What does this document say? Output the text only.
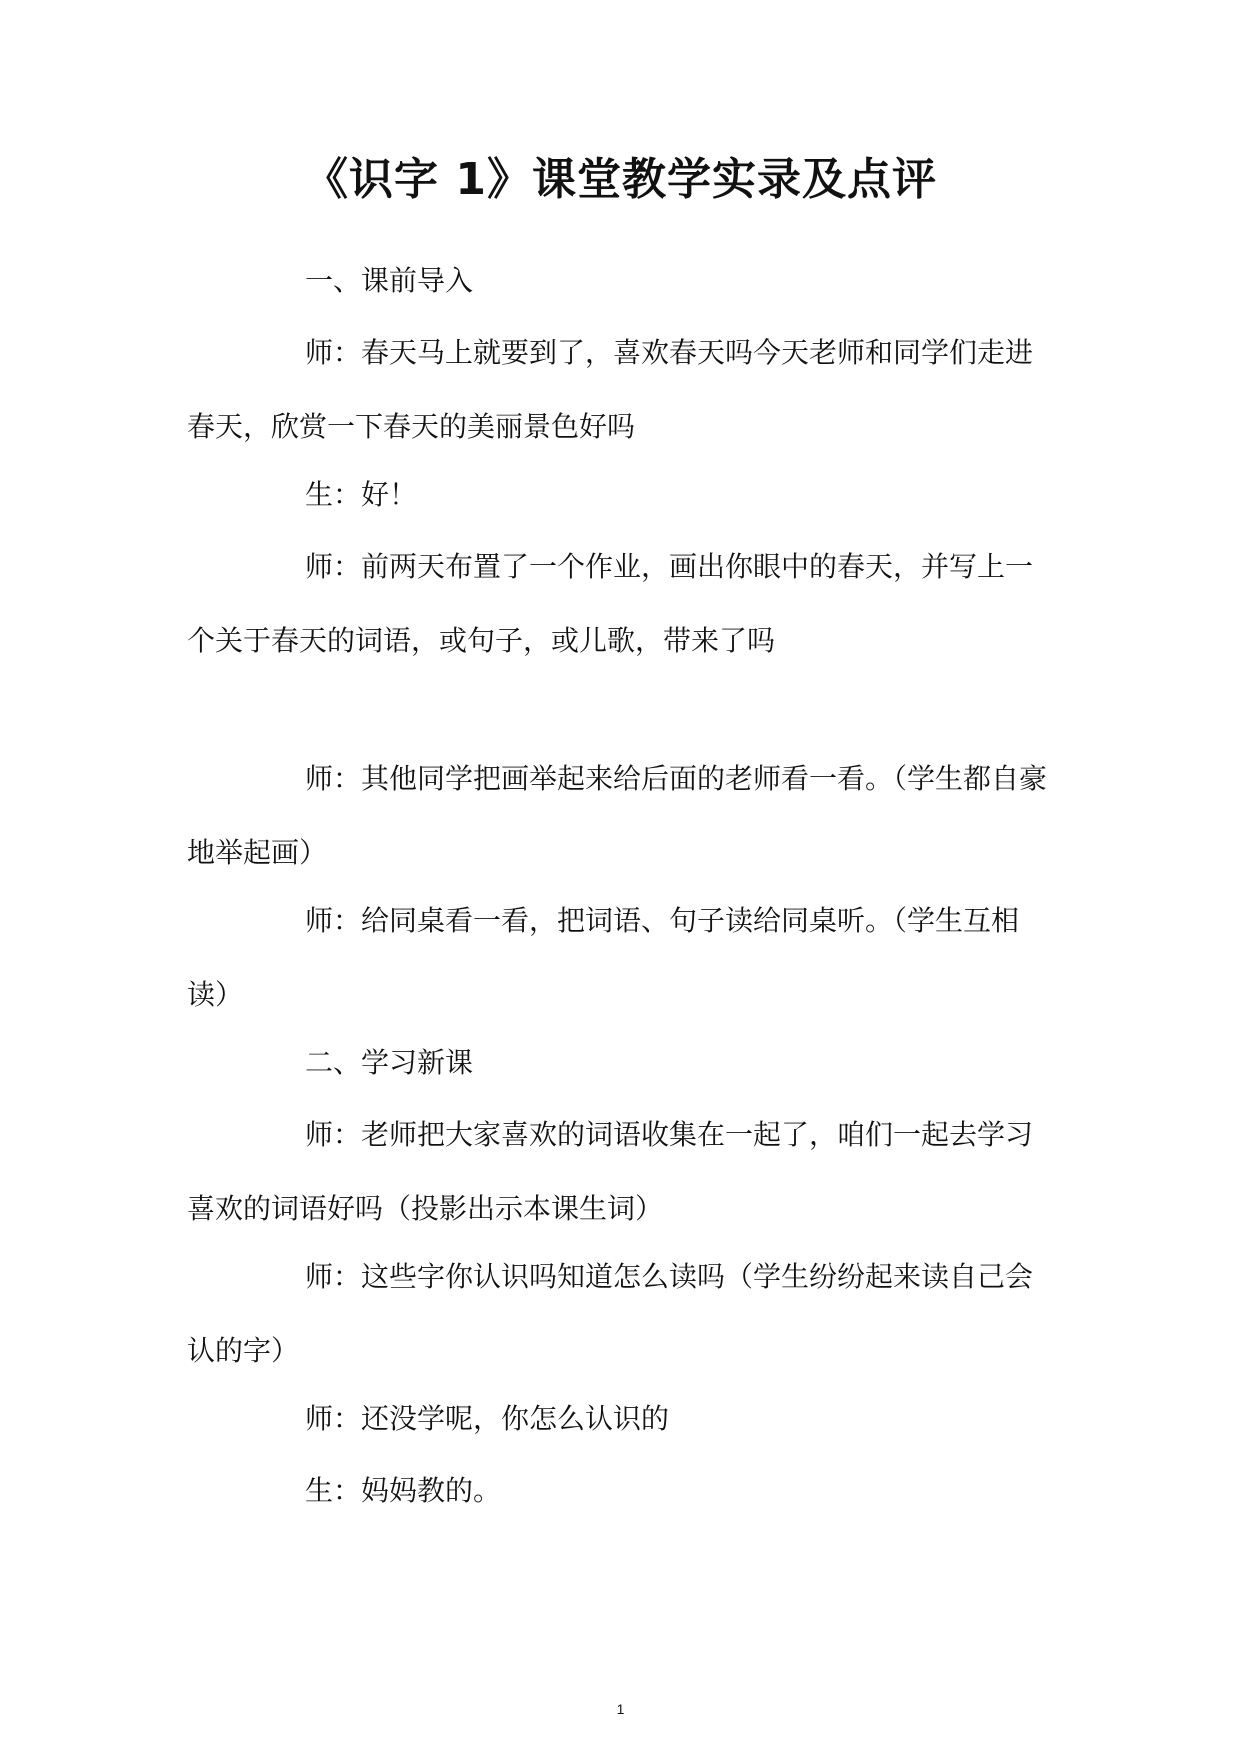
《识字 1》课堂教学实录及点评

一、课前导入

师：春天马上就要到了，喜欢春天吗今天老师和同学们走进春天，欣赏一下春天的美丽景色好吗

生：好！

师：前两天布置了一个作业，画出你眼中的春天，并写上一个关于春天的词语，或句子，或儿歌，带来了吗

师：其他同学把画举起来给后面的老师看一看。（学生都自豪地举起画）

师：给同桌看一看，把词语、句子读给同桌听。（学生互相读）

二、学习新课

师：老师把大家喜欢的词语收集在一起了，咱们一起去学习喜欢的词语好吗（投影出示本课生词）

师：这些字你认识吗知道怎么读吗（学生纷纷起来读自己会认的字）

师：还没学呢，你怎么认识的

生：妈妈教的。

1
